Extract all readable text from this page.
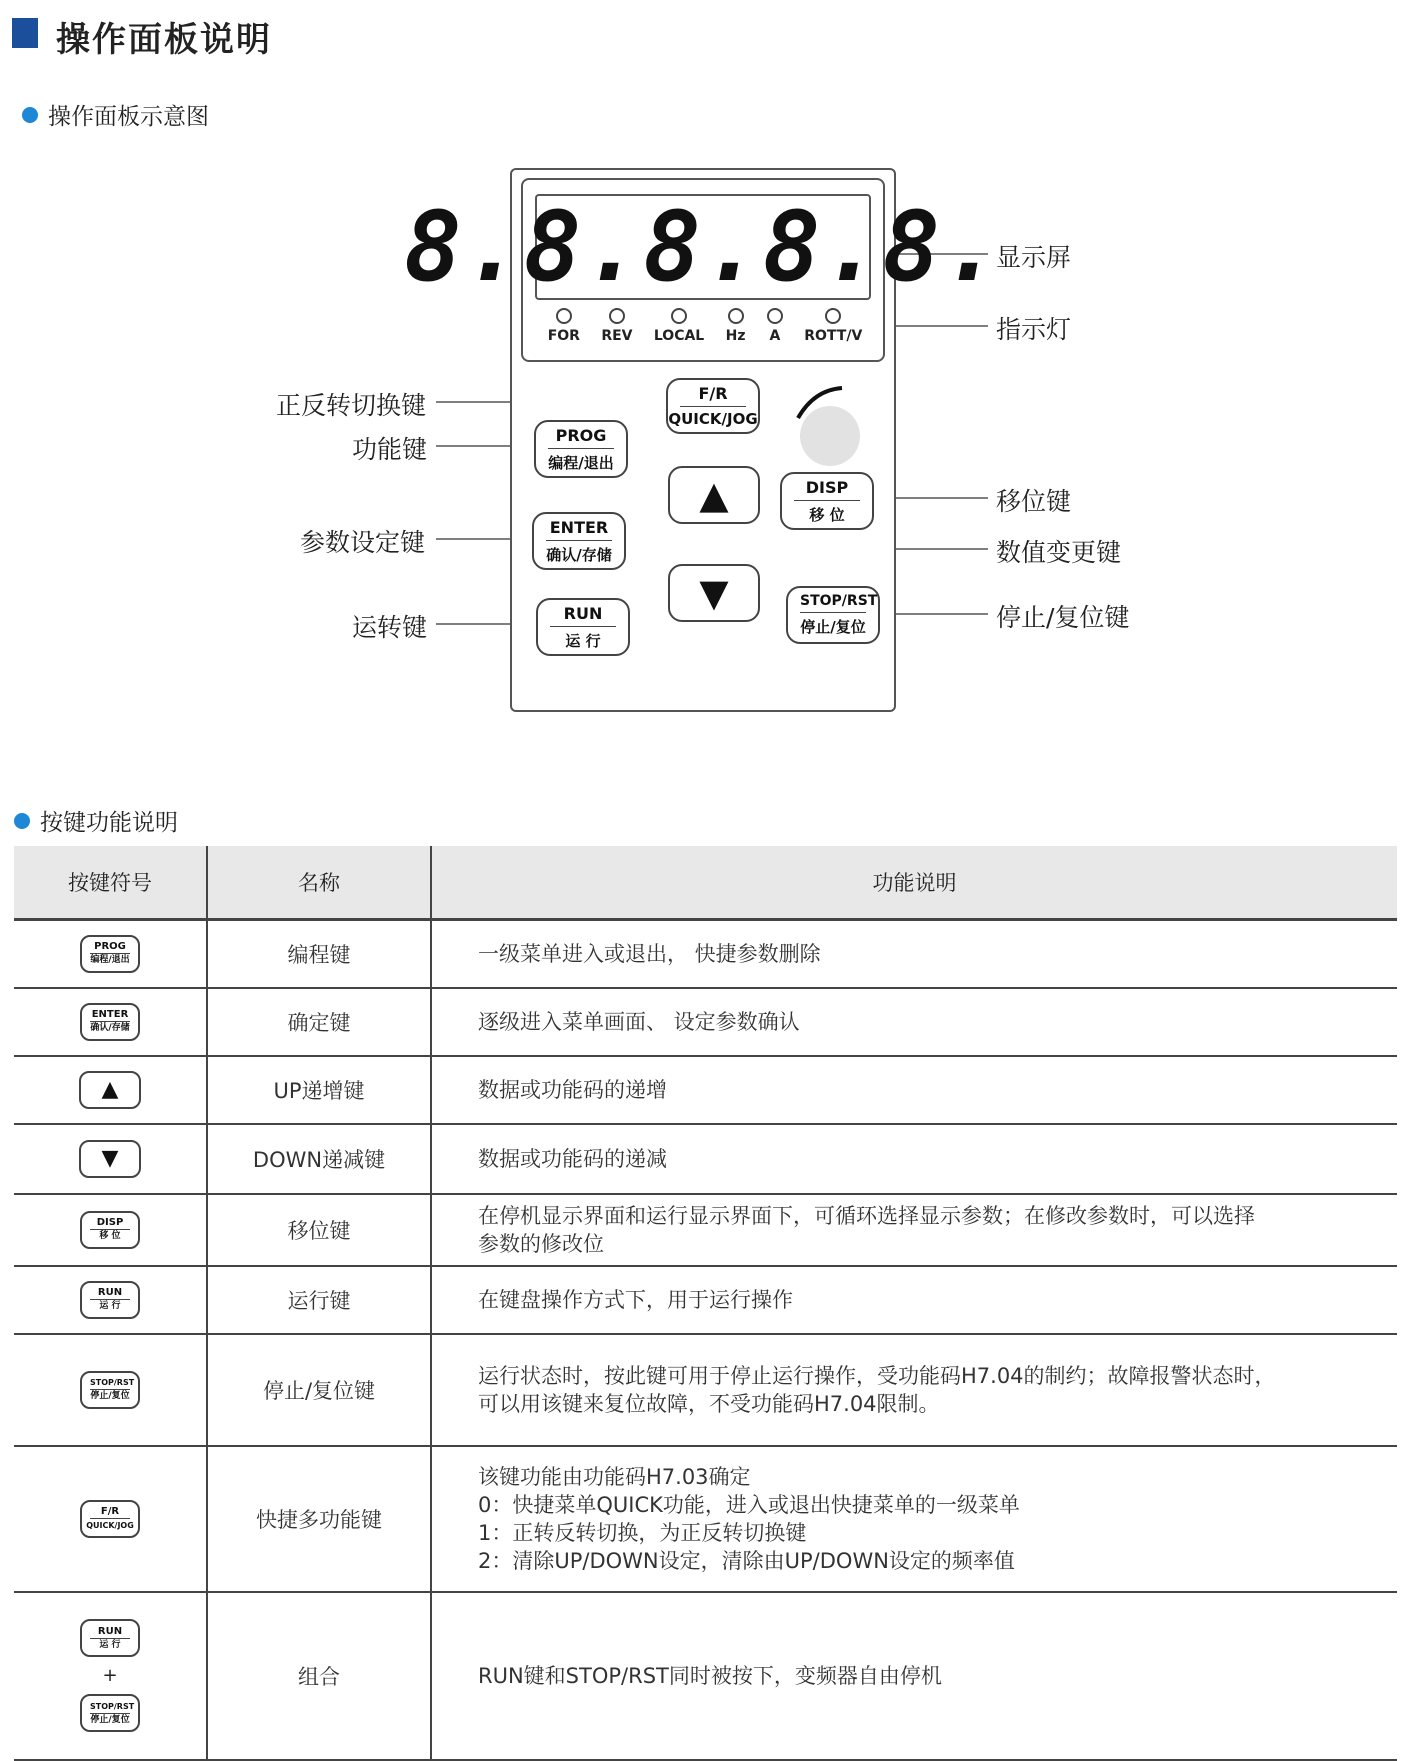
操作面板说明
操作面板示意图
8.8.8.8.8.
FOR REV LOCAL Hz A ROTT/V
F/R
QUICK/JOG
PROG
编程/退出
▲	DISP
移 位
ENTER
确认/存储
▼	STOP/RST
停止/复位
RUN
运 行
显示屏
指示灯
正反转切换键
功能键
参数设定键
运转键
移位键
数值变更键
停止/复位键
按键功能说明
按键符号	名称	功能说明

PROG
编程/退出	编程键	一级菜单进入或退出， 快捷参数删除

ENTER
确认/存储	确定键	逐级进入菜单画面、 设定参数确认

▲	UP递增键	数据或功能码的递增

▼	DOWN递减键	数据或功能码的递减

DISP
移 位	移位键	在停机显示界面和运行显示界面下，可循环选择显示参数；在修改参数时，可以选择
参数的修改位

RUN
运 行	运行键	在键盘操作方式下，用于运行操作

STOP/RST
停止/复位	停止/复位键	运行状态时，按此键可用于停止运行操作，受功能码H7.04的制约；故障报警状态时，
可以用该键来复位故障，不受功能码H7.04限制。

F/R
QUICK/JOG	快捷多功能键	该键功能由功能码H7.03确定
0：快捷菜单QUICK功能，进入或退出快捷菜单的一级菜单
1：正转反转切换，为正反转切换键
2：清除UP/DOWN设定，清除由UP/DOWN设定的频率值

RUN
运 行
+
STOP/RST
停止/复位	组合	RUN键和STOP/RST同时被按下，变频器自由停机
